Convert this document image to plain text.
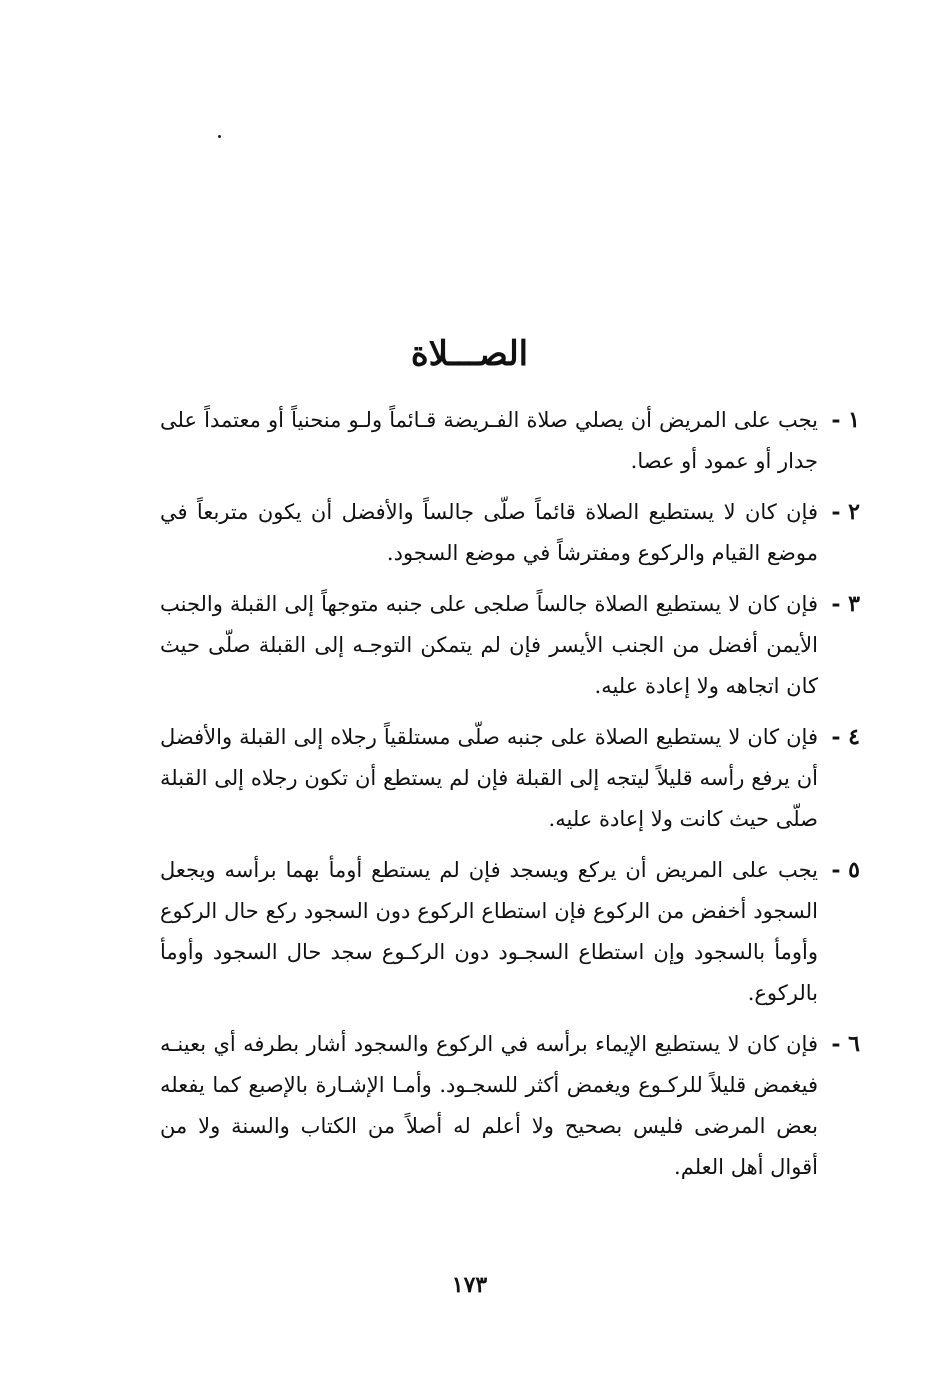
الصـــلاة
١ -
يجب على المريض أن يصلي صلاة الفـريضة قـائماً ولـو منحنياً أو معتمداً على جدار أو عمود أو عصا.
٢ -
فإن كان لا يستطيع الصلاة قائماً صلّى جالساً والأفضل أن يكون متربعاً في موضع القيام والركوع ومفترشاً في موضع السجود.
٣ -
فإن كان لا يستطيع الصلاة جالساً صلجى على جنبه متوجهاً إلى القبلة والجنب الأيمن أفضل من الجنب الأيسر فإن لم يتمكن التوجـه إلى القبلة صلّى حيث كان اتجاهه ولا إعادة عليه.
٤ -
فإن كان لا يستطيع الصلاة على جنبه صلّى مستلقياً رجلاه إلى القبلة والأفضل أن يرفع رأسه قليلاً ليتجه إلى القبلة فإن لم يستطع أن تكون رجلاه إلى القبلة صلّى حيث كانت ولا إعادة عليه.
٥ -
يجب على المريض أن يركع ويسجد فإن لم يستطع أومأ بهما برأسه ويجعل السجود أخفض من الركوع فإن استطاع الركوع دون السجود ركع حال الركوع وأومأ بالسجود وإن استطاع السجـود دون الركـوع سجد حال السجود وأومأ بالركوع.
٦ -
فإن كان لا يستطيع الإيماء برأسه في الركوع والسجود أشار بطرفه أي بعينـه فيغمض قليلاً للركـوع ويغمض أكثر للسجـود. وأمـا الإشـارة بالإصبع كما يفعله بعض المرضى فليس بصحيح ولا أعلم له أصلاً من الكتاب والسنة ولا من أقوال أهل العلم.
١٧٣
